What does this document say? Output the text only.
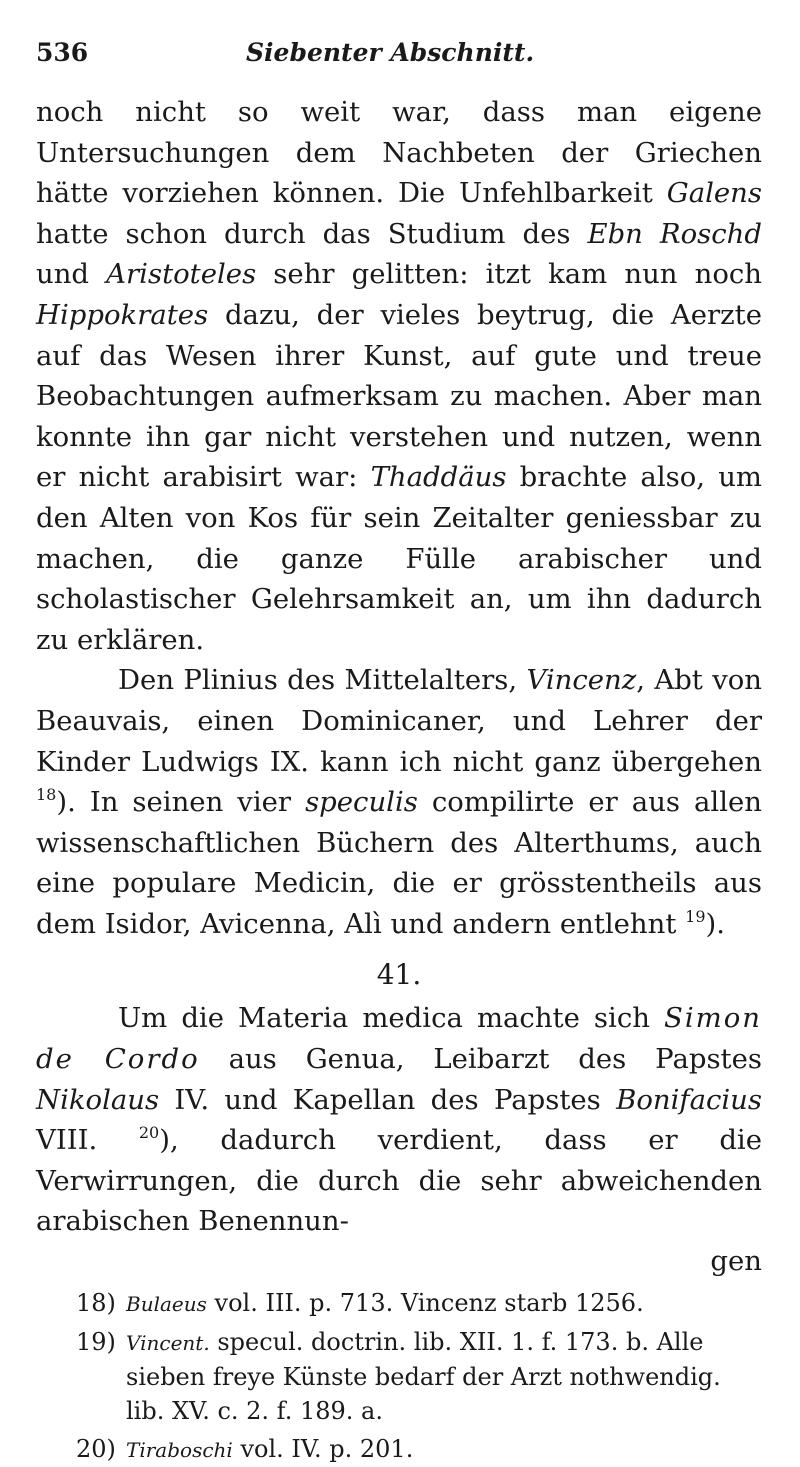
536	Siebenter Abschnitt.

noch nicht so weit war, dass man eigene Untersuchungen dem Nachbeten der Griechen hätte vorziehen können. Die Unfehlbarkeit Galens hatte schon durch das Studium des Ebn Roschd und Aristoteles sehr gelitten: itzt kam nun noch Hippokrates dazu, der vieles beytrug, die Aerzte auf das Wesen ihrer Kunst, auf gute und treue Beobachtungen aufmerksam zu machen. Aber man konnte ihn gar nicht verstehen und nutzen, wenn er nicht arabisirt war: Thaddäus brachte also, um den Alten von Kos für sein Zeitalter geniessbar zu machen, die ganze Fülle arabischer und scholastischer Gelehrsamkeit an, um ihn dadurch zu erklären.

Den Plinius des Mittelalters, Vincenz, Abt von Beauvais, einen Dominicaner, und Lehrer der Kinder Ludwigs IX. kann ich nicht ganz übergehen $^{18}$). In seinen vier speculis compilirte er aus allen wissenschaftlichen Büchern des Alterthums, auch eine populare Medicin, die er grösstentheils aus dem Isidor, Avicenna, Alì und andern entlehnt $^{19}$).

41.

Um die Materia medica machte sich Simon de Cordo aus Genua, Leibarzt des Papstes Nikolaus IV. und Kapellan des Papstes Bonifacius VIII. $^{20}$), dadurch verdient, dass er die Verwirrungen, die durch die sehr abweichenden arabischen Benennun-

gen
18) Bulaeus vol. III. p. 713. Vincenz starb 1256.
19) Vincent. specul. doctrin. lib. XII. 1. f. 173. b. Alle sieben freye Künste bedarf der Arzt nothwendig. lib. XV. c. 2. f. 189. a.
20) Tiraboschi vol. IV. p. 201.
